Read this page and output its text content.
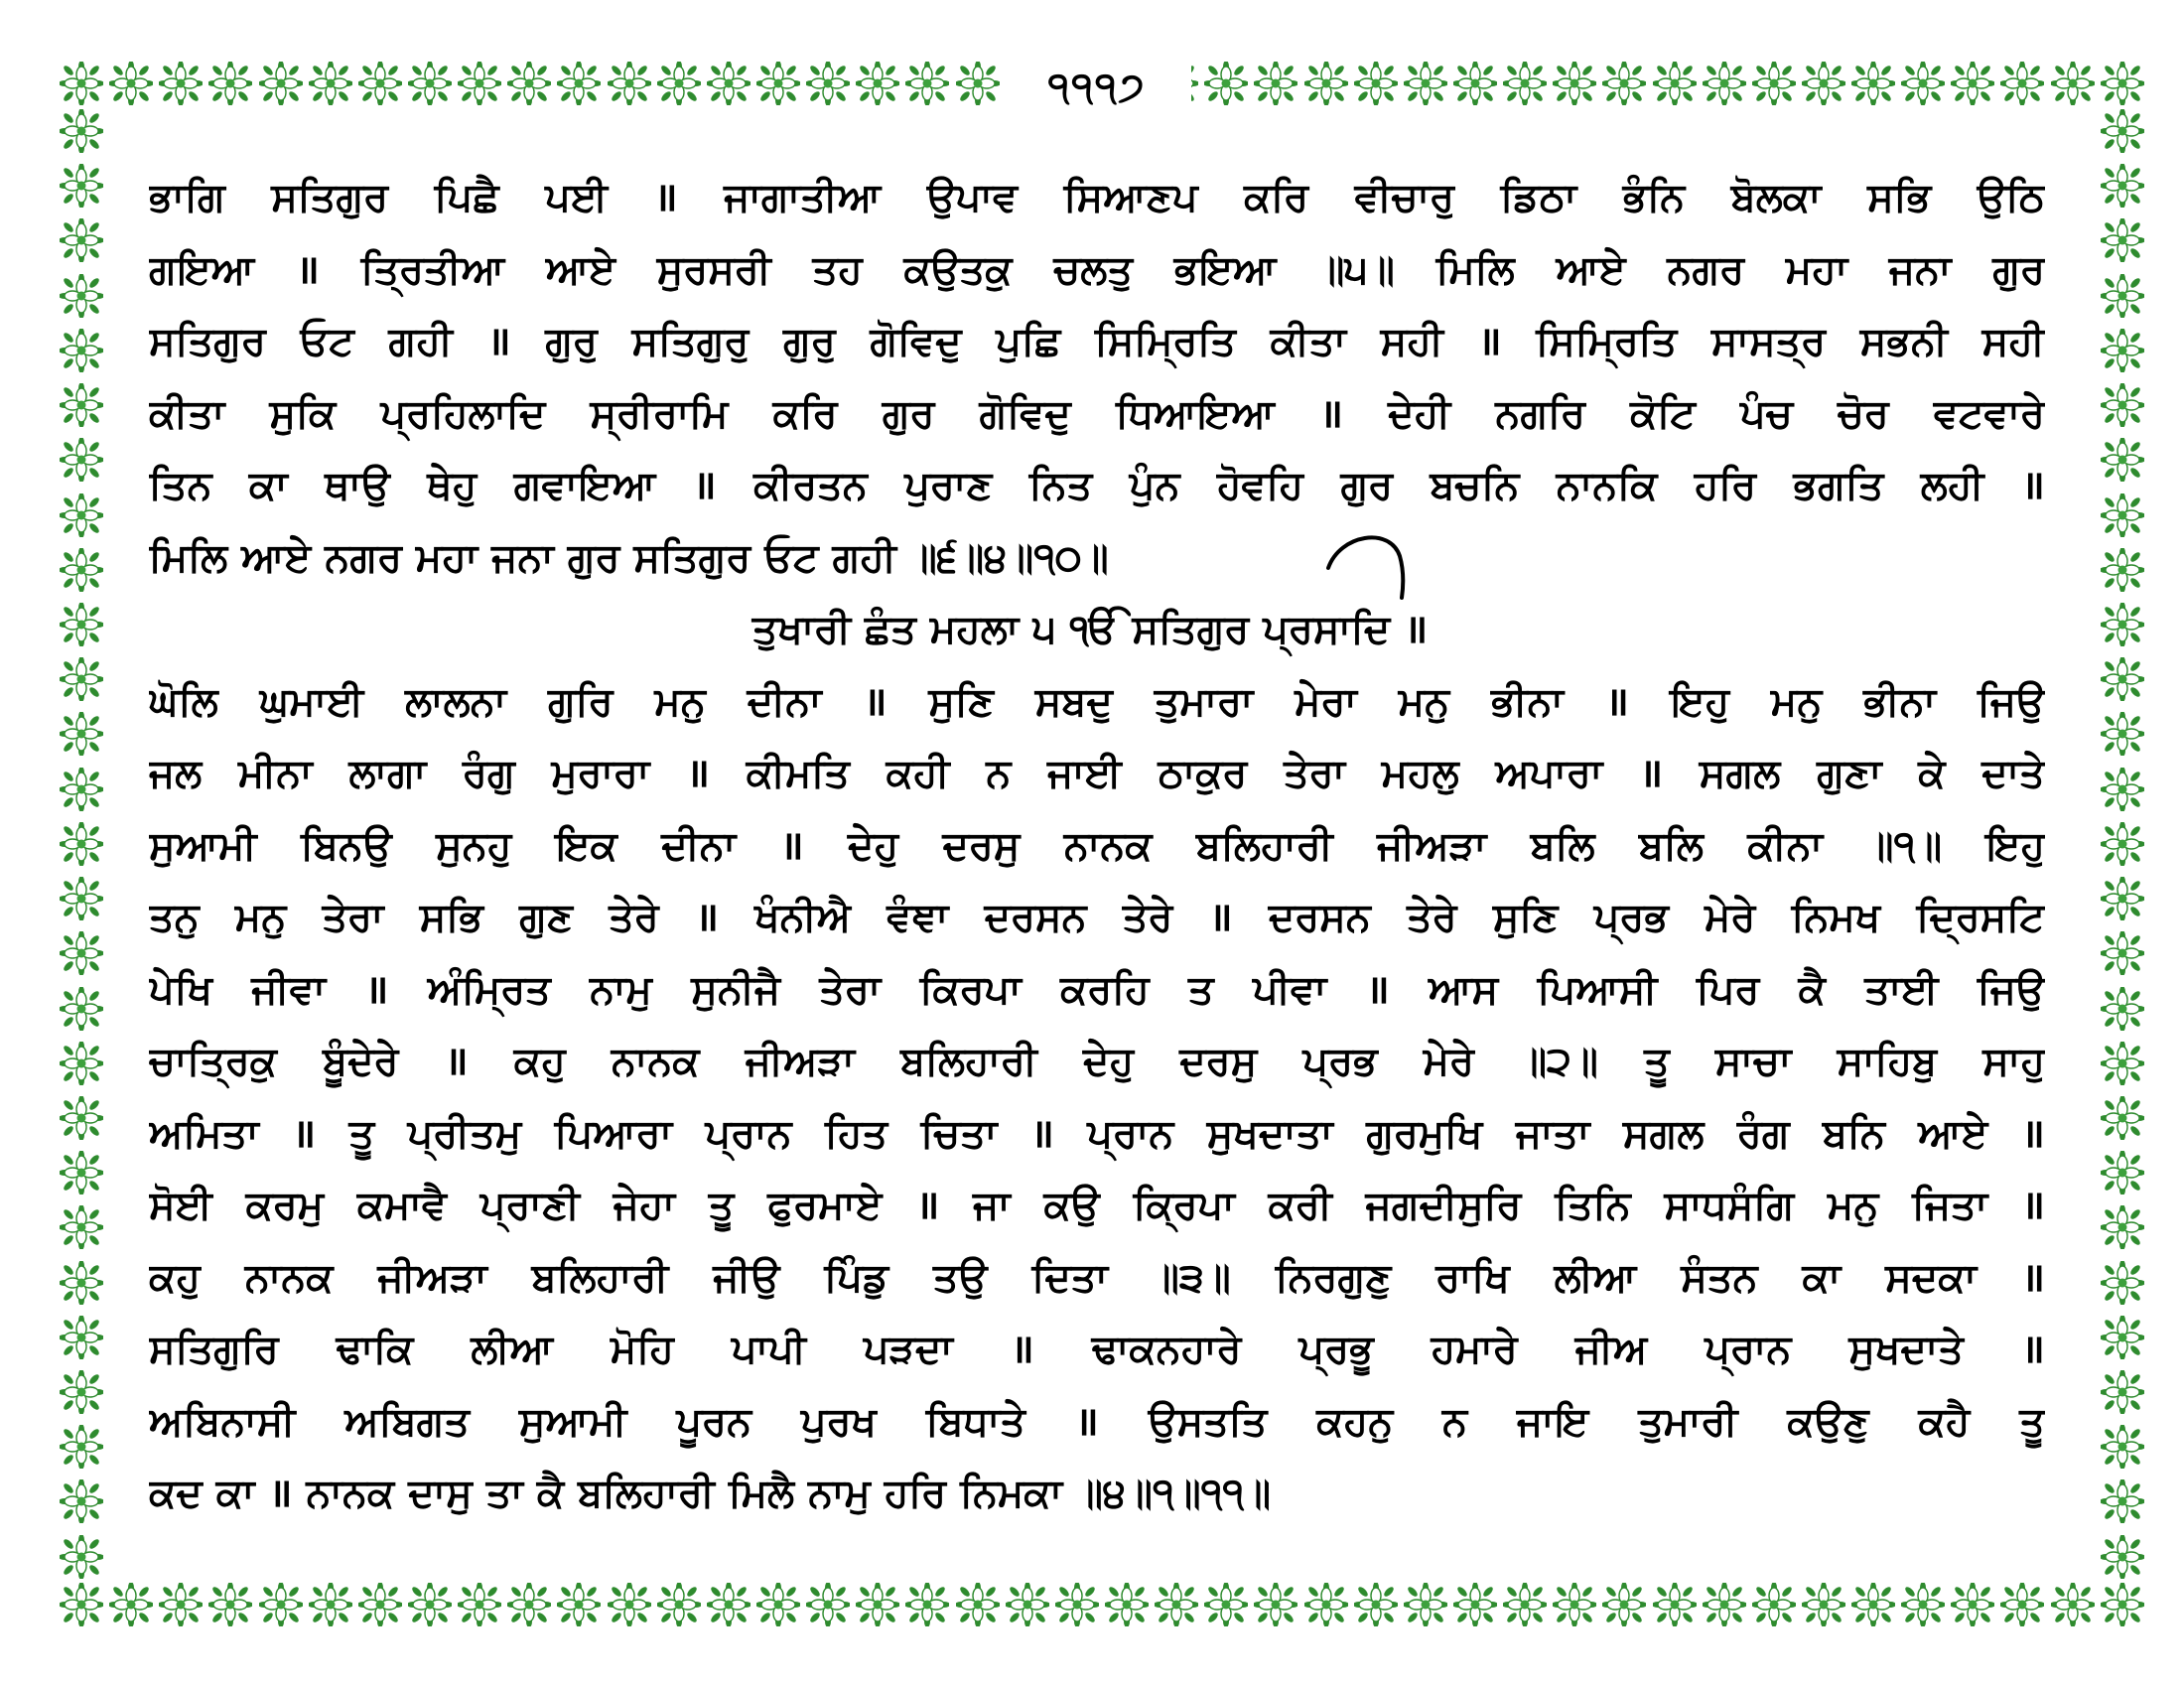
੧੧੧੭
ਭਾਗਿ ਸਤਿਗੁਰ ਪਿਛੈ ਪਈ ॥ ਜਾਗਾਤੀਆ ਉਪਾਵ ਸਿਆਣਪ ਕਰਿ ਵੀਚਾਰੁ ਡਿਠਾ ਭੰਨਿ ਬੋਲਕਾ ਸਭਿ ਉਠਿ
ਗਇਆ ॥ ਤ੍ਰਿਤੀਆ ਆਏ ਸੁਰਸਰੀ ਤਹ ਕਉਤਕੁ ਚਲਤੁ ਭਇਆ ॥੫॥ ਮਿਲਿ ਆਏ ਨਗਰ ਮਹਾ ਜਨਾ ਗੁਰ
ਸਤਿਗੁਰ ਓਟ ਗਹੀ ॥ ਗੁਰੁ ਸਤਿਗੁਰੁ ਗੁਰੁ ਗੋਵਿਦੁ ਪੁਛਿ ਸਿਮ੍ਰਿਤਿ ਕੀਤਾ ਸਹੀ ॥ ਸਿਮ੍ਰਿਤਿ ਸਾਸਤ੍ਰ ਸਭਨੀ ਸਹੀ
ਕੀਤਾ ਸੁਕਿ ਪ੍ਰਹਿਲਾਦਿ ਸ੍ਰੀਰਾਮਿ ਕਰਿ ਗੁਰ ਗੋਵਿਦੁ ਧਿਆਇਆ ॥ ਦੇਹੀ ਨਗਰਿ ਕੋਟਿ ਪੰਚ ਚੋਰ ਵਟਵਾਰੇ
ਤਿਨ ਕਾ ਥਾਉ ਥੇਹੁ ਗਵਾਇਆ ॥ ਕੀਰਤਨ ਪੁਰਾਣ ਨਿਤ ਪੁੰਨ ਹੋਵਹਿ ਗੁਰ ਬਚਨਿ ਨਾਨਕਿ ਹਰਿ ਭਗਤਿ ਲਹੀ ॥
ਮਿਲਿ ਆਏ ਨਗਰ ਮਹਾ ਜਨਾ ਗੁਰ ਸਤਿਗੁਰ ਓਟ ਗਹੀ ॥੬॥੪॥੧੦॥
ਤੁਖਾਰੀ ਛੰਤ ਮਹਲਾ ੫ ੴ ਸਤਿਗੁਰ ਪ੍ਰਸਾਦਿ ॥
ਘੋਲਿ ਘੁਮਾਈ ਲਾਲਨਾ ਗੁਰਿ ਮਨੁ ਦੀਨਾ ॥ ਸੁਣਿ ਸਬਦੁ ਤੁਮਾਰਾ ਮੇਰਾ ਮਨੁ ਭੀਨਾ ॥ ਇਹੁ ਮਨੁ ਭੀਨਾ ਜਿਉ
ਜਲ ਮੀਨਾ ਲਾਗਾ ਰੰਗੁ ਮੁਰਾਰਾ ॥ ਕੀਮਤਿ ਕਹੀ ਨ ਜਾਈ ਠਾਕੁਰ ਤੇਰਾ ਮਹਲੁ ਅਪਾਰਾ ॥ ਸਗਲ ਗੁਣਾ ਕੇ ਦਾਤੇ
ਸੁਆਮੀ ਬਿਨਉ ਸੁਨਹੁ ਇਕ ਦੀਨਾ ॥ ਦੇਹੁ ਦਰਸੁ ਨਾਨਕ ਬਲਿਹਾਰੀ ਜੀਅੜਾ ਬਲਿ ਬਲਿ ਕੀਨਾ ॥੧॥ ਇਹੁ
ਤਨੁ ਮਨੁ ਤੇਰਾ ਸਭਿ ਗੁਣ ਤੇਰੇ ॥ ਖੰਨੀਐ ਵੰਞਾ ਦਰਸਨ ਤੇਰੇ ॥ ਦਰਸਨ ਤੇਰੇ ਸੁਣਿ ਪ੍ਰਭ ਮੇਰੇ ਨਿਮਖ ਦ੍ਰਿਸਟਿ
ਪੇਖਿ ਜੀਵਾ ॥ ਅੰਮ੍ਰਿਤ ਨਾਮੁ ਸੁਨੀਜੈ ਤੇਰਾ ਕਿਰਪਾ ਕਰਹਿ ਤ ਪੀਵਾ ॥ ਆਸ ਪਿਆਸੀ ਪਿਰ ਕੈ ਤਾਈ ਜਿਉ
ਚਾਤ੍ਰਿਕੁ ਬੂੰਦੇਰੇ ॥ ਕਹੁ ਨਾਨਕ ਜੀਅੜਾ ਬਲਿਹਾਰੀ ਦੇਹੁ ਦਰਸੁ ਪ੍ਰਭ ਮੇਰੇ ॥੨॥ ਤੂ ਸਾਚਾ ਸਾਹਿਬੁ ਸਾਹੁ
ਅਮਿਤਾ ॥ ਤੂ ਪ੍ਰੀਤਮੁ ਪਿਆਰਾ ਪ੍ਰਾਨ ਹਿਤ ਚਿਤਾ ॥ ਪ੍ਰਾਨ ਸੁਖਦਾਤਾ ਗੁਰਮੁਖਿ ਜਾਤਾ ਸਗਲ ਰੰਗ ਬਨਿ ਆਏ ॥
ਸੋਈ ਕਰਮੁ ਕਮਾਵੈ ਪ੍ਰਾਣੀ ਜੇਹਾ ਤੂ ਫੁਰਮਾਏ ॥ ਜਾ ਕਉ ਕ੍ਰਿਪਾ ਕਰੀ ਜਗਦੀਸੁਰਿ ਤਿਨਿ ਸਾਧਸੰਗਿ ਮਨੁ ਜਿਤਾ ॥
ਕਹੁ ਨਾਨਕ ਜੀਅੜਾ ਬਲਿਹਾਰੀ ਜੀਉ ਪਿੰਡੁ ਤਉ ਦਿਤਾ ॥੩॥ ਨਿਰਗੁਣੁ ਰਾਖਿ ਲੀਆ ਸੰਤਨ ਕਾ ਸਦਕਾ ॥
ਸਤਿਗੁਰਿ ਢਾਕਿ ਲੀਆ ਮੋਹਿ ਪਾਪੀ ਪੜਦਾ ॥ ਢਾਕਨਹਾਰੇ ਪ੍ਰਭੂ ਹਮਾਰੇ ਜੀਅ ਪ੍ਰਾਨ ਸੁਖਦਾਤੇ ॥
ਅਬਿਨਾਸੀ ਅਬਿਗਤ ਸੁਆਮੀ ਪੂਰਨ ਪੁਰਖ ਬਿਧਾਤੇ ॥ ਉਸਤਤਿ ਕਹਨੁ ਨ ਜਾਇ ਤੁਮਾਰੀ ਕਉਣੁ ਕਹੈ ਤੂ
ਕਦ ਕਾ ॥ ਨਾਨਕ ਦਾਸੁ ਤਾ ਕੈ ਬਲਿਹਾਰੀ ਮਿਲੈ ਨਾਮੁ ਹਰਿ ਨਿਮਕਾ ॥੪॥੧॥੧੧॥
